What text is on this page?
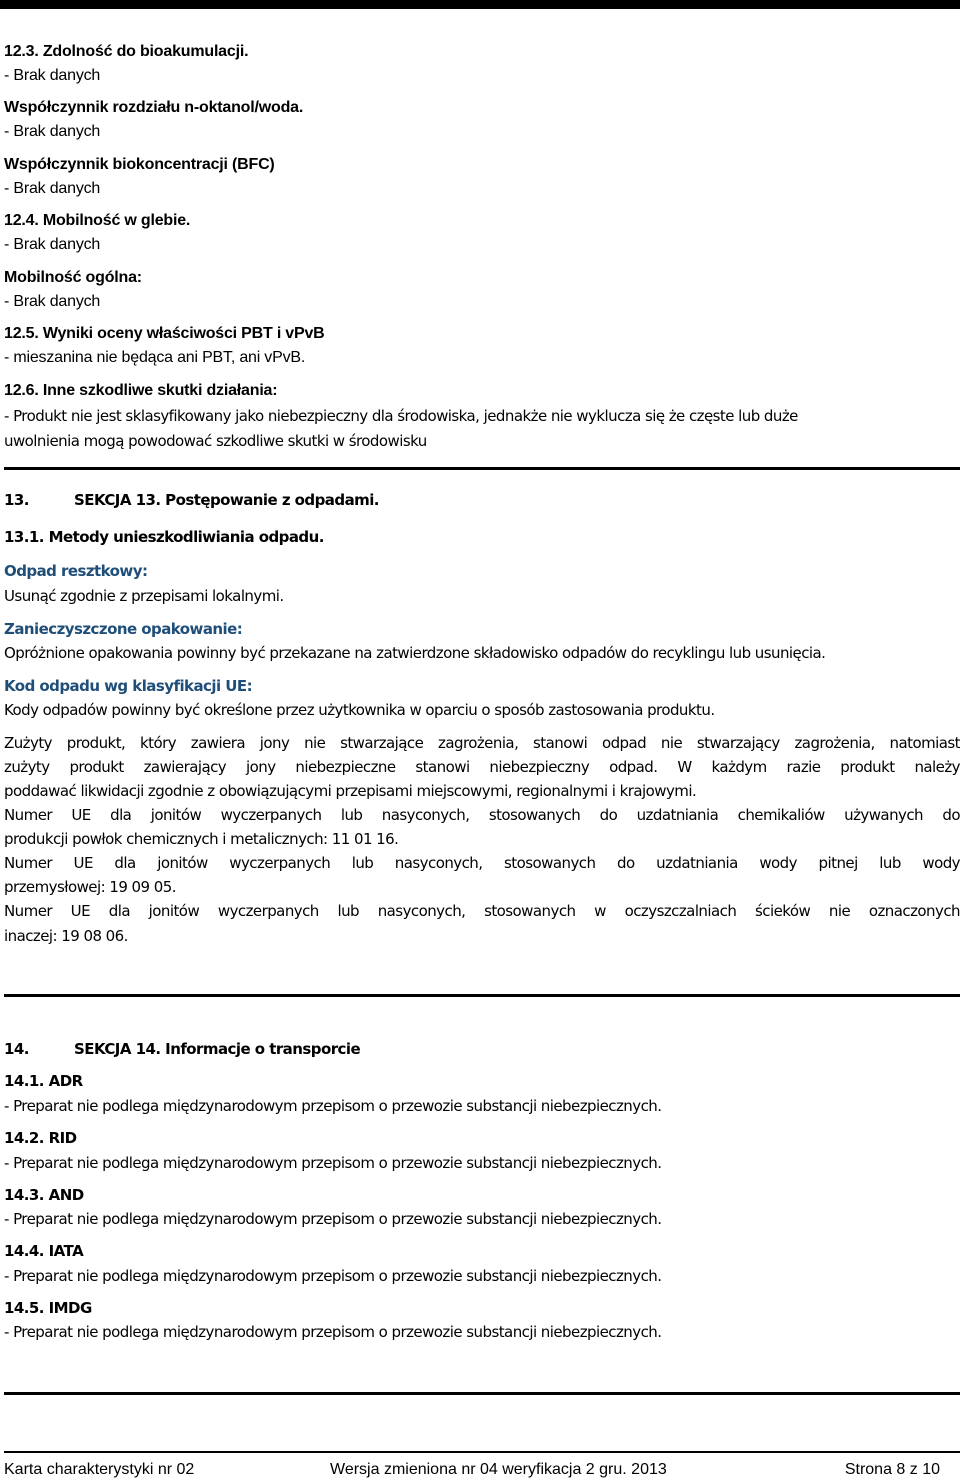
12.3. Zdolność do bioakumulacji.

- Brak danych

Współczynnik rozdziału n-oktanol/woda.

- Brak danych

Współczynnik biokoncentracji (BFC)

- Brak danych

12.4. Mobilność w glebie.

- Brak danych

Mobilność ogólna:

- Brak danych

12.5. Wyniki oceny właściwości PBT i vPvB

- mieszanina nie będąca ani PBT, ani vPvB.

12.6. Inne szkodliwe skutki działania:

- Produkt nie jest sklasyfikowany jako niebezpieczny dla środowiska, jednakże nie wyklucza się że częste lub duże

uwolnienia mogą powodować szkodliwe skutki w środowisku

13.	SEKCJA 13. Postępowanie z odpadami.

13.1. Metody unieszkodliwiania odpadu.

Odpad resztkowy:

Usunąć zgodnie z przepisami lokalnymi.

Zanieczyszczone opakowanie:

Opróżnione opakowania powinny być przekazane na zatwierdzone składowisko odpadów do recyklingu lub usunięcia.

Kod odpadu wg klasyfikacji UE:

Kody odpadów powinny być określone przez użytkownika w oparciu o sposób zastosowania produktu.

Zużyty produkt, który zawiera jony nie stwarzające zagrożenia, stanowi odpad nie stwarzający zagrożenia, natomiast

zużyty produkt zawierający jony niebezpieczne stanowi niebezpieczny odpad. W każdym razie produkt należy

poddawać likwidacji zgodnie z obowiązującymi przepisami miejscowymi, regionalnymi i krajowymi.

Numer UE dla jonitów wyczerpanych lub nasyconych, stosowanych do uzdatniania chemikaliów używanych do

produkcji powłok chemicznych i metalicznych: 11 01 16.

Numer UE dla jonitów wyczerpanych lub nasyconych, stosowanych do uzdatniania wody pitnej lub wody

przemysłowej: 19 09 05.

Numer UE dla jonitów wyczerpanych lub nasyconych, stosowanych w oczyszczalniach ścieków nie oznaczonych

inaczej: 19 08 06.

14.	SEKCJA 14. Informacje o transporcie

14.1. ADR

- Preparat nie podlega międzynarodowym przepisom o przewozie substancji niebezpiecznych.

14.2. RID

- Preparat nie podlega międzynarodowym przepisom o przewozie substancji niebezpiecznych.

14.3. AND

- Preparat nie podlega międzynarodowym przepisom o przewozie substancji niebezpiecznych.

14.4. IATA

- Preparat nie podlega międzynarodowym przepisom o przewozie substancji niebezpiecznych.

14.5. IMDG

- Preparat nie podlega międzynarodowym przepisom o przewozie substancji niebezpiecznych.

Karta charakterystyki nr 02	Wersja zmieniona nr 04 weryfikacja 2 gru. 2013	Strona 8 z 10
